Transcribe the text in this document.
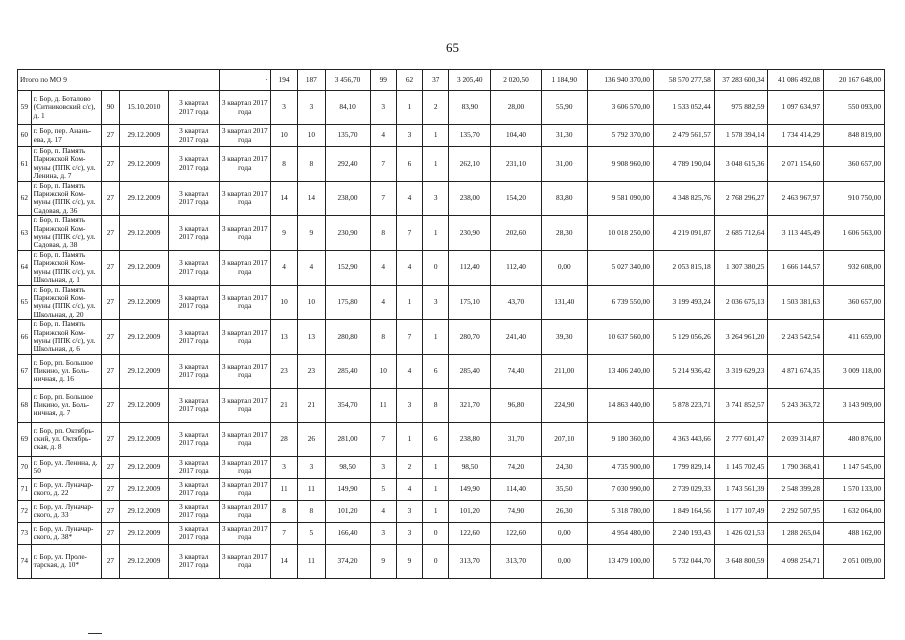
65
Итого по МО 9					·	194	187	3 456,70	99	62	37	3 205,40	2 020,50	1 184,90	136 940 370,00	58 570 277,58	37 283 600,34	41 086 492,08	20 167 648,00
59	г. Бор, д. Боталово (Ситниковский с/с), д. 1	90	15.10.2010	3 квартал 2017 года	3 квартал 2017 года	3	3	84,10	3	1	2	83,90	28,00	55,90	3 606 570,00	1 533 052,44	975 882,59	1 097 634,97	550 093,00
60	г. Бор, пер. Анань-ева, д. 17	27	29.12.2009	3 квартал 2017 года	3 квартал 2017 года	10	10	135,70	4	3	1	135,70	104,40	31,30	5 792 370,00	2 479 561,57	1 578 394,14	1 734 414,29	848 819,00
61	г. Бор, п. Память Парижской Ком-муны (ППК с/с), ул. Ленина, д. 7	27	29.12.2009	3 квартал 2017 года	3 квартал 2017 года	8	8	292,40	7	6	1	262,10	231,10	31,00	9 908 960,00	4 789 190,04	3 048 615,36	2 071 154,60	360 657,00
62	г. Бор, п. Память Парижской Ком-муны (ППК с/с), ул. Садовая, д. 36	27	29.12.2009	3 квартал 2017 года	3 квартал 2017 года	14	14	238,00	7	4	3	238,00	154,20	83,80	9 581 090,00	4 348 825,76	2 768 296,27	2 463 967,97	910 750,00
63	г. Бор, п. Память Парижской Ком-муны (ППК с/с), ул. Садовая, д. 38	27	29.12.2009	3 квартал 2017 года	3 квартал 2017 года	9	9	230,90	8	7	1	230,90	202,60	28,30	10 018 250,00	4 219 091,87	2 685 712,64	3 113 445,49	1 606 563,00
64	г. Бор, п. Память Парижской Ком-муны (ППК с/с), ул. Школьная, д. 1	27	29.12.2009	3 квартал 2017 года	3 квартал 2017 года	4	4	152,90	4	4	0	112,40	112,40	0,00	5 027 340,00	2 053 815,18	1 307 380,25	1 666 144,57	932 608,00
65	г. Бор, п. Память Парижской Ком-муны (ППК с/с), ул. Школьная, д. 20	27	29.12.2009	3 квартал 2017 года	3 квартал 2017 года	10	10	175,80	4	1	3	175,10	43,70	131,40	6 739 550,00	3 199 493,24	2 036 675,13	1 503 381,63	360 657,00
66	г. Бор, п. Память Парижской Ком-муны (ППК с/с), ул. Школьная, д. 6	27	29.12.2009	3 квартал 2017 года	3 квартал 2017 года	13	13	280,80	8	7	1	280,70	241,40	39,30	10 637 560,00	5 129 056,26	3 264 961,20	2 243 542,54	411 659,00
67	г. Бор, рп. Большое Пикино, ул. Боль-ничная, д. 16	27	29.12.2009	3 квартал 2017 года	3 квартал 2017 года	23	23	285,40	10	4	6	285,40	74,40	211,00	13 406 240,00	5 214 936,42	3 319 629,23	4 871 674,35	3 009 118,00
68	г. Бор, рп. Большое Пикино, ул. Боль-ничная, д. 7	27	29.12.2009	3 квартал 2017 года	3 квартал 2017 года	21	21	354,70	11	3	8	321,70	96,80	224,90	14 863 440,00	5 878 223,71	3 741 852,57	5 243 363,72	3 143 909,00
69	г. Бор, рп. Октябрь-ский, ул. Октябрь-ская, д. 8	27	29.12.2009	3 квартал 2017 года	3 квартал 2017 года	28	26	281,00	7	1	6	238,80	31,70	207,10	9 180 360,00	4 363 443,66	2 777 601,47	2 039 314,87	480 876,00
70	г. Бор, ул. Ленина, д. 50	27	29.12.2009	3 квартал 2017 года	3 квартал 2017 года	3	3	98,50	3	2	1	98,50	74,20	24,30	4 735 900,00	1 799 829,14	1 145 702,45	1 790 368,41	1 147 545,00
71	г. Бор, ул. Луначар-ского, д. 22	27	29.12.2009	3 квартал 2017 года	3 квартал 2017 года	11	11	149,90	5	4	1	149,90	114,40	35,50	7 030 990,00	2 739 029,33	1 743 561,39	2 548 399,28	1 570 133,00
72	г. Бор, ул. Луначар-ского, д. 33	27	29.12.2009	3 квартал 2017 года	3 квартал 2017 года	8	8	101,20	4	3	1	101,20	74,90	26,30	5 318 780,00	1 849 164,56	1 177 107,49	2 292 507,95	1 632 064,00
73	г. Бор, ул. Луначар-ского, д. 38*	27	29.12.2009	3 квартал 2017 года	3 квартал 2017 года	7	5	166,40	3	3	0	122,60	122,60	0,00	4 954 480,00	2 240 193,43	1 426 021,53	1 288 265,04	488 162,00
74	г. Бор, ул. Проле-тарская, д. 10*	27	29.12.2009	3 квартал 2017 года	3 квартал 2017 года	14	11	374,20	9	9	0	313,70	313,70	0,00	13 479 100,00	5 732 044,70	3 648 800,59	4 098 254,71	2 051 009,00
